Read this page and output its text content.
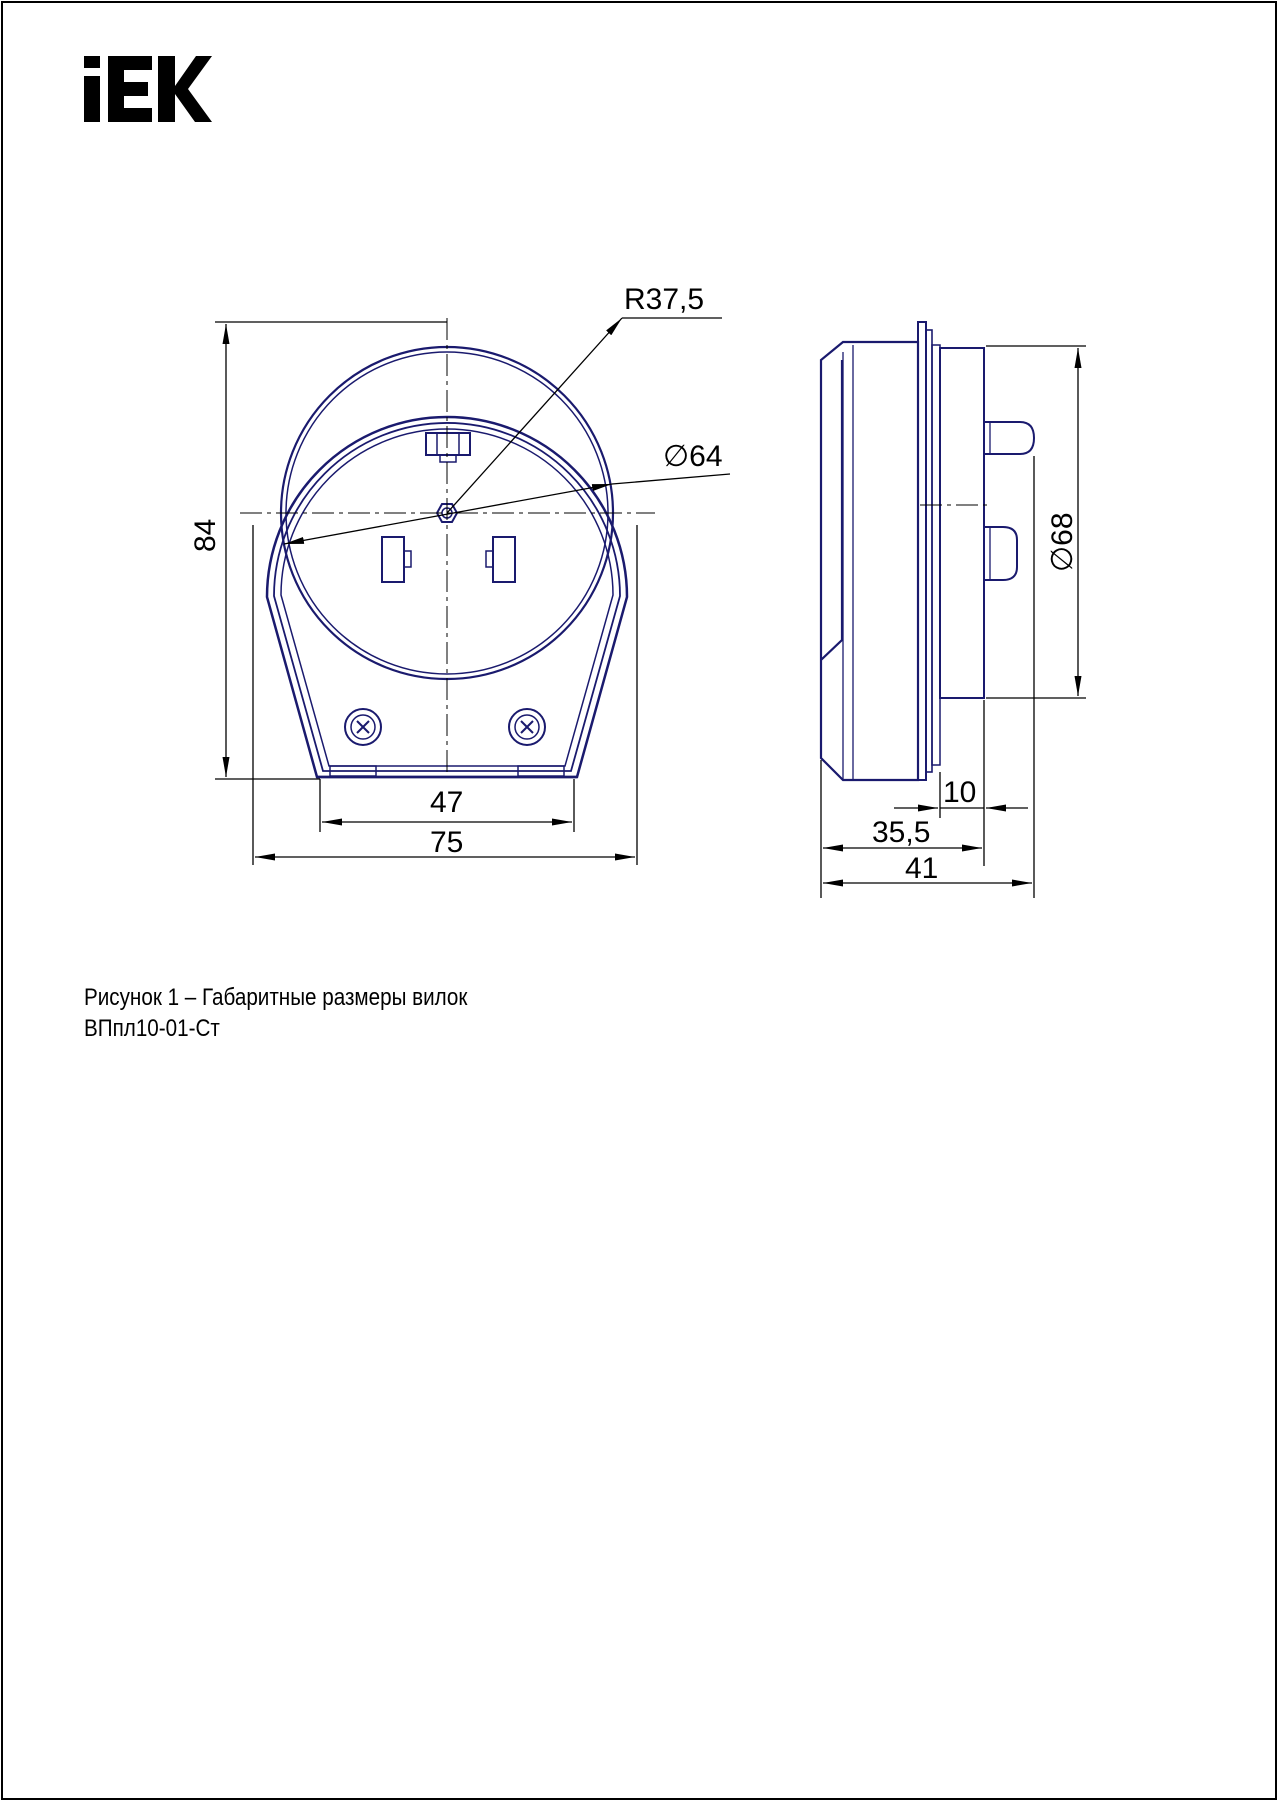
R37,5
∅64
84
47
75
∅68
10
35,5
41
Рисунок 1 – Габаритные размеры вилок
ВПпл10-01-Ст
